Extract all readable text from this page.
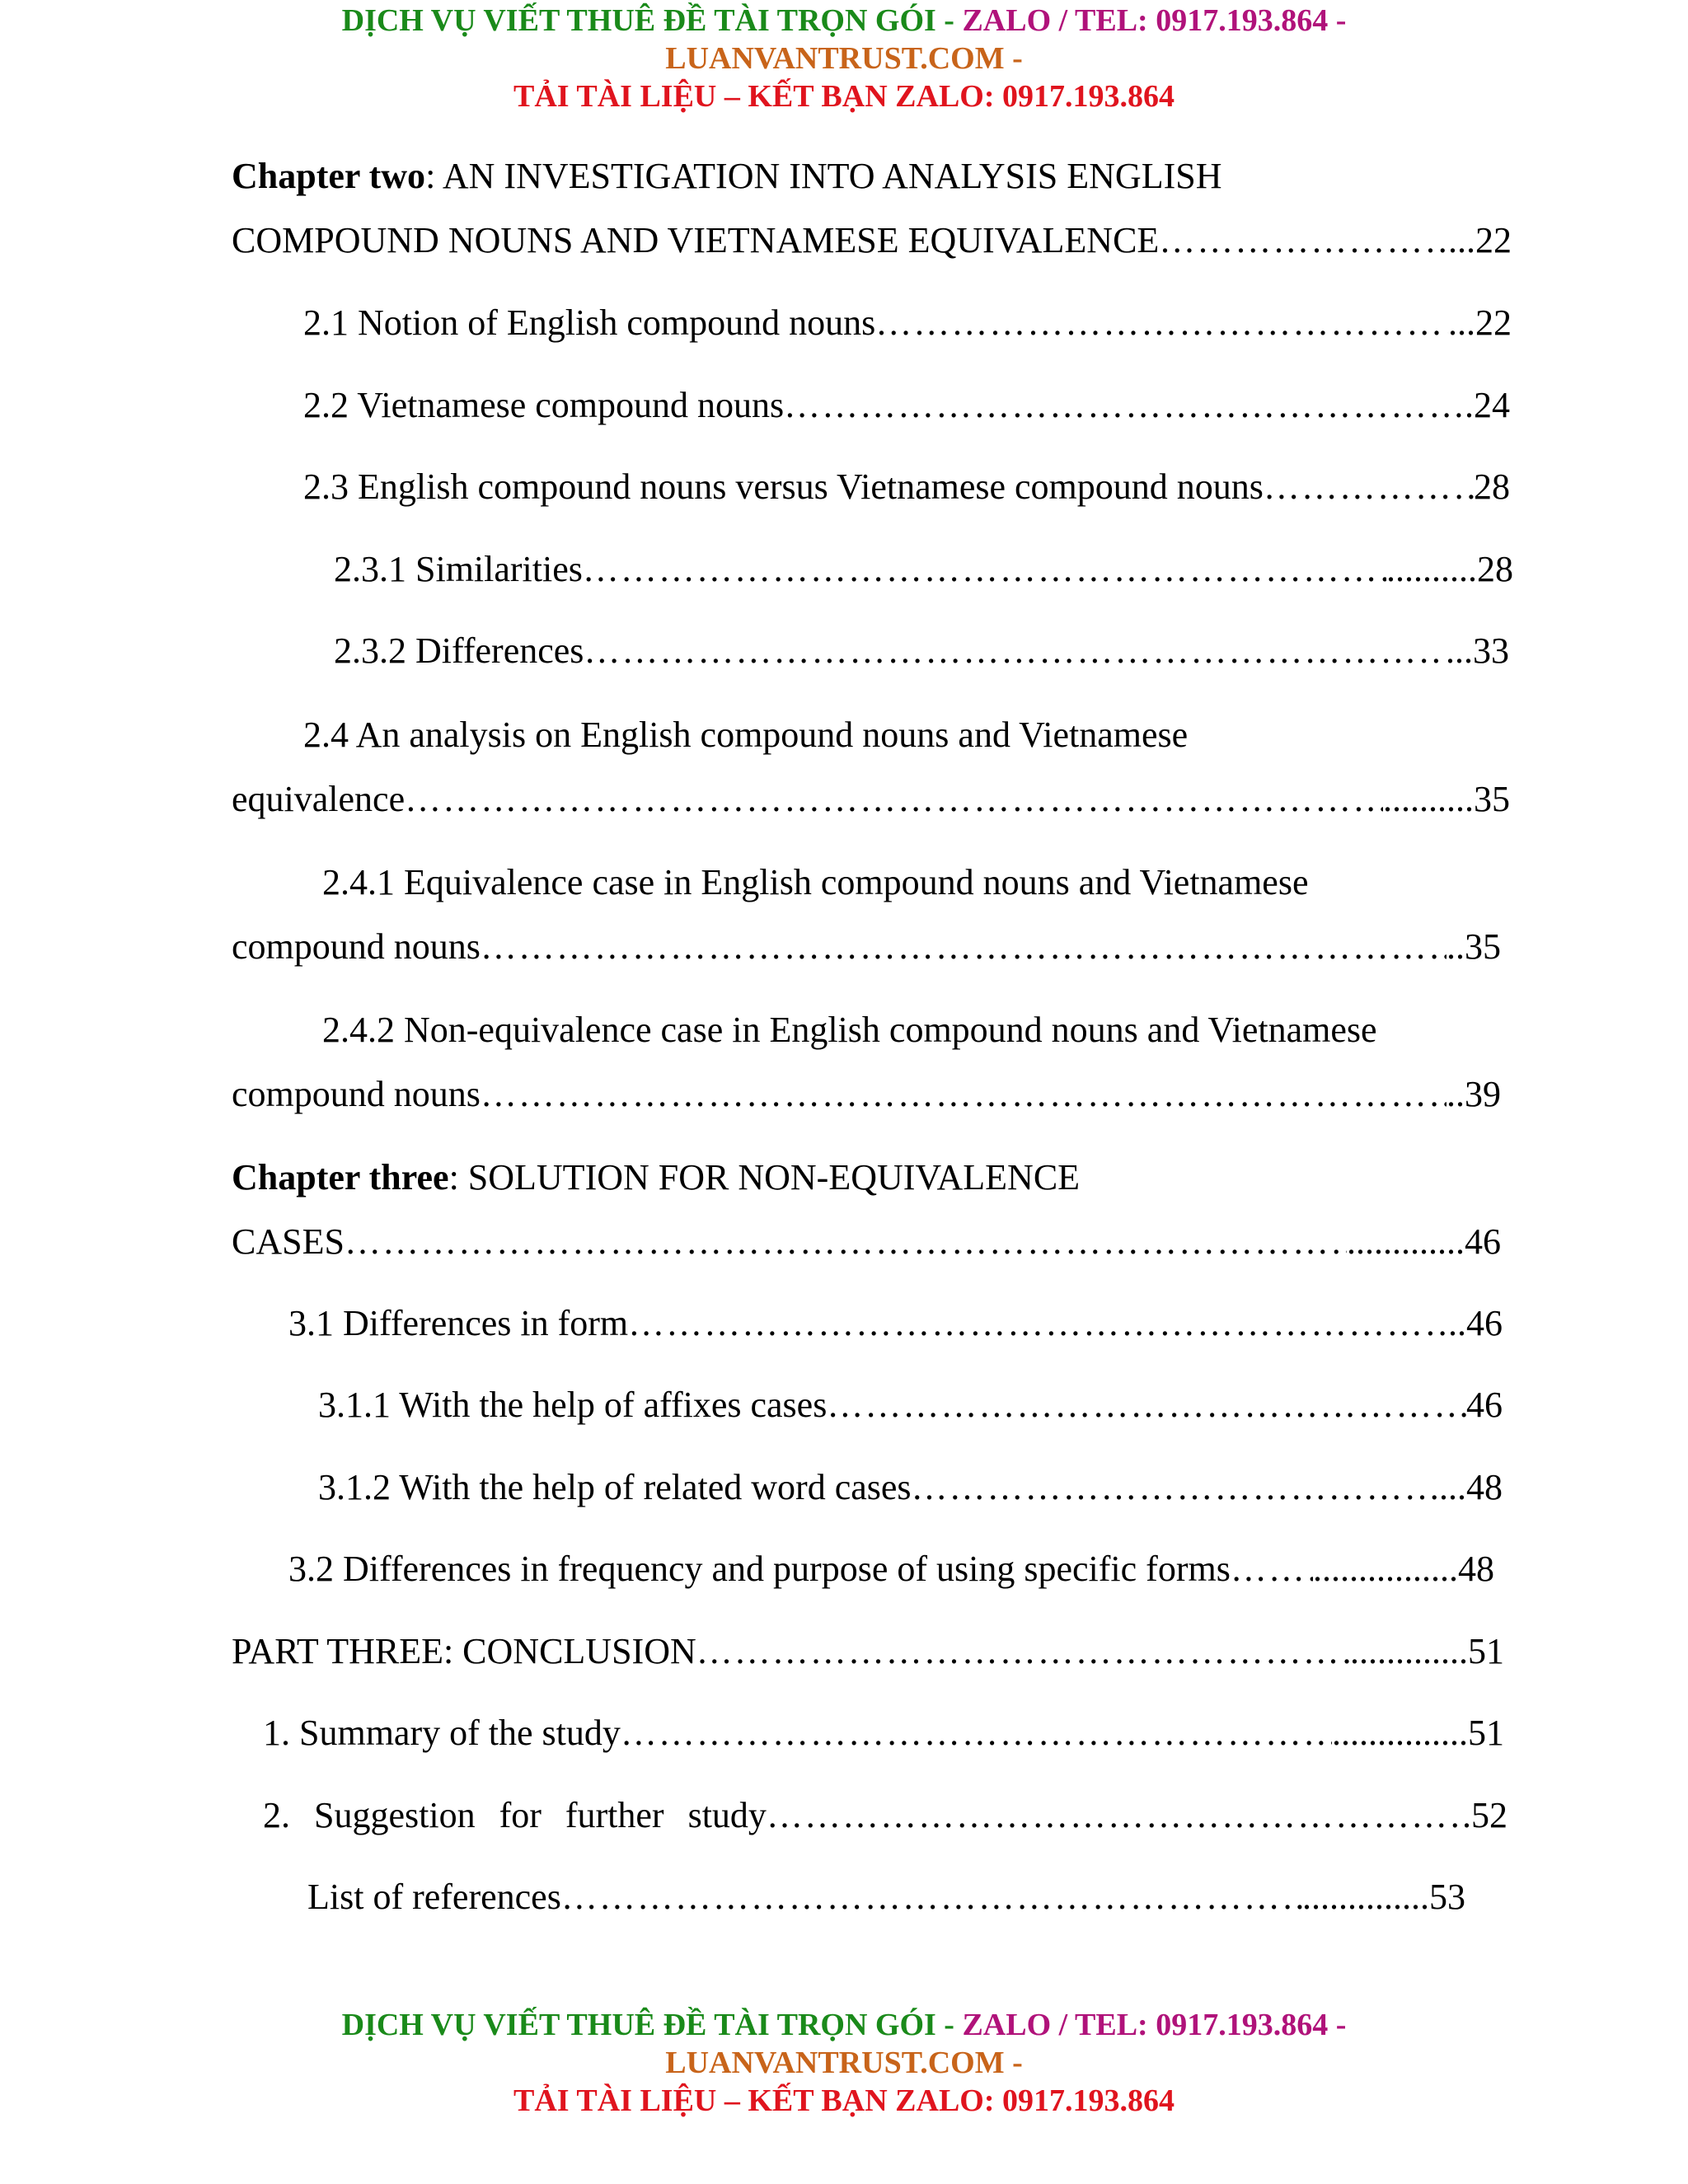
DỊCH VỤ VIẾT THUÊ ĐỀ TÀI TRỌN GÓI - ZALO / TEL: 0917.193.864 -
LUANVANTRUST.COM -
TẢI TÀI LIỆU – KẾT BẠN ZALO: 0917.193.864
Chapter two: AN INVESTIGATION INTO ANALYSIS ENGLISH
COMPOUND NOUNS AND VIETNAMESE EQUIVALENCE ……………………………………………………………………………………………………………………………………………………………………………	...22
2.1 Notion of English compound nouns ……………………………………………………………………………………………………………………………………………………………………………	...22
2.2 Vietnamese compound nouns ……………………………………………………………………………………………………………………………………………………………………………	.24
2.3 English compound nouns versus Vietnamese compound nouns ……………………………………………………………………………………………………………………………………………………………………………	28
2.3.1 Similarities ……………………………………………………………………………………………………………………………………………………………………………	..........28
2.3.2 Differences ……………………………………………………………………………………………………………………………………………………………………………	...33
2.4 An analysis on English compound nouns and Vietnamese
equivalence ……………………………………………………………………………………………………………………………………………………………………………	..........35
2.4.1 Equivalence case in English compound nouns and Vietnamese
compound nouns ……………………………………………………………………………………………………………………………………………………………………………	..35
2.4.2 Non-equivalence case in English compound nouns and Vietnamese
compound nouns ……………………………………………………………………………………………………………………………………………………………………………	..39
Chapter three: SOLUTION FOR NON-EQUIVALENCE
CASES ……………………………………………………………………………………………………………………………………………………………………………	.............46
3.1 Differences in form ……………………………………………………………………………………………………………………………………………………………………………	..46
3.1.1 With the help of affixes cases ……………………………………………………………………………………………………………………………………………………………………………	46
3.1.2 With the help of related word cases ……………………………………………………………………………………………………………………………………………………………………………	...48
3.2 Differences in frequency and purpose of using specific forms …………………………………………………………………………………………………………………………………………………………………………… ................48
PART THREE: CONCLUSION ……………………………………………………………………………………………………………………………………………………………………………	.............51
1. Summary of the study ……………………………………………………………………………………………………………………………………………………………………………	...............51
2. Suggestion for further study ……………………………………………………………………………………………………………………………………………………………………………	.52
List of references ……………………………………………………………………………………………………………………………………………………………………………	..............53
DỊCH VỤ VIẾT THUÊ ĐỀ TÀI TRỌN GÓI - ZALO / TEL: 0917.193.864 -
LUANVANTRUST.COM -
TẢI TÀI LIỆU – KẾT BẠN ZALO: 0917.193.864
